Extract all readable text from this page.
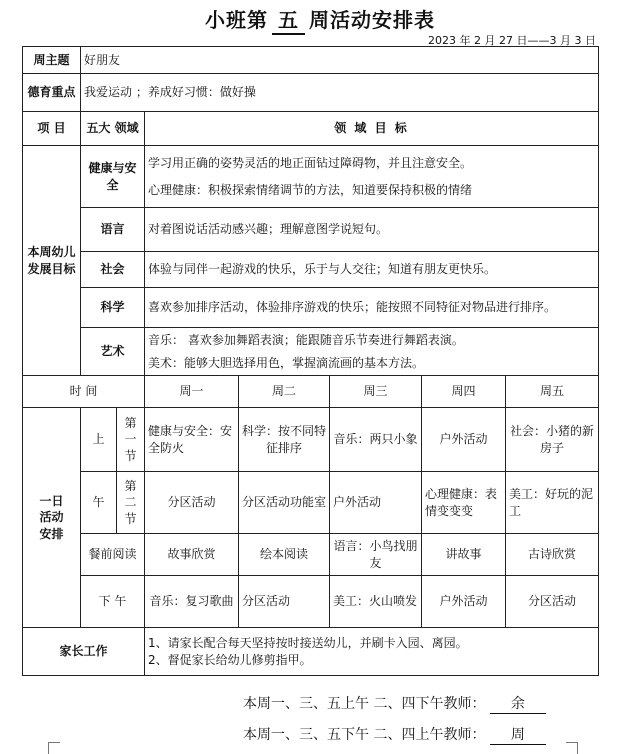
小班第 五 周活动安排表
2023 年 2 月 27 日——3 月 3 日
周主题	好朋友						
德育重点	我爱运动 ；养成好习惯：做好操						
项 目	五大 领域		领 域 目 标				
本周幼儿发展目标	健康与安全		学习用正确的姿势灵活的地正面钻过障碍物，并且注意安全。
心理健康：积极探索情绪调节的方法，知道要保持积极的情绪				

	语言		对着图说话活动感兴趣；理解意图学说短句。				
	社会		体验与同伴一起游戏的快乐，乐于与人交往；知道有朋友更快乐。				
	科学		喜欢参加排序活动，体验排序游戏的快乐；能按照不同特征对物品进行排序。				
	艺术		音乐： 喜欢参加舞蹈表演；能跟随音乐节奏进行舞蹈表演。
美术：能够大胆选择用色，掌握滴流画的基本方法。				

时 间			周一	周二	周三	周四	周五

一日活动安排	上	第一节	健康与安全：安全防火	科学：按不同特征排序	音乐：两只小象	户外活动	社会：小猪的新房子
	午	第二节	分区活动	分区活动功能室	户外活动	心理健康：表情变变变	美工：好玩的泥工
	餐前阅读		故事欣赏	绘本阅读	语言：小鸟找朋友	讲故事	古诗欣赏
	下 午		音乐：复习歌曲	分区活动	美工：火山喷发	户外活动	分区活动
家长工作			1、请家长配合每天坚持按时接送幼儿，并刷卡入园、离园。
2、督促家长给幼儿修剪指甲。				
本周一、三、五上午 二、四下午教师： 余
本周一、三、五下午 二、四上午教师： 周
